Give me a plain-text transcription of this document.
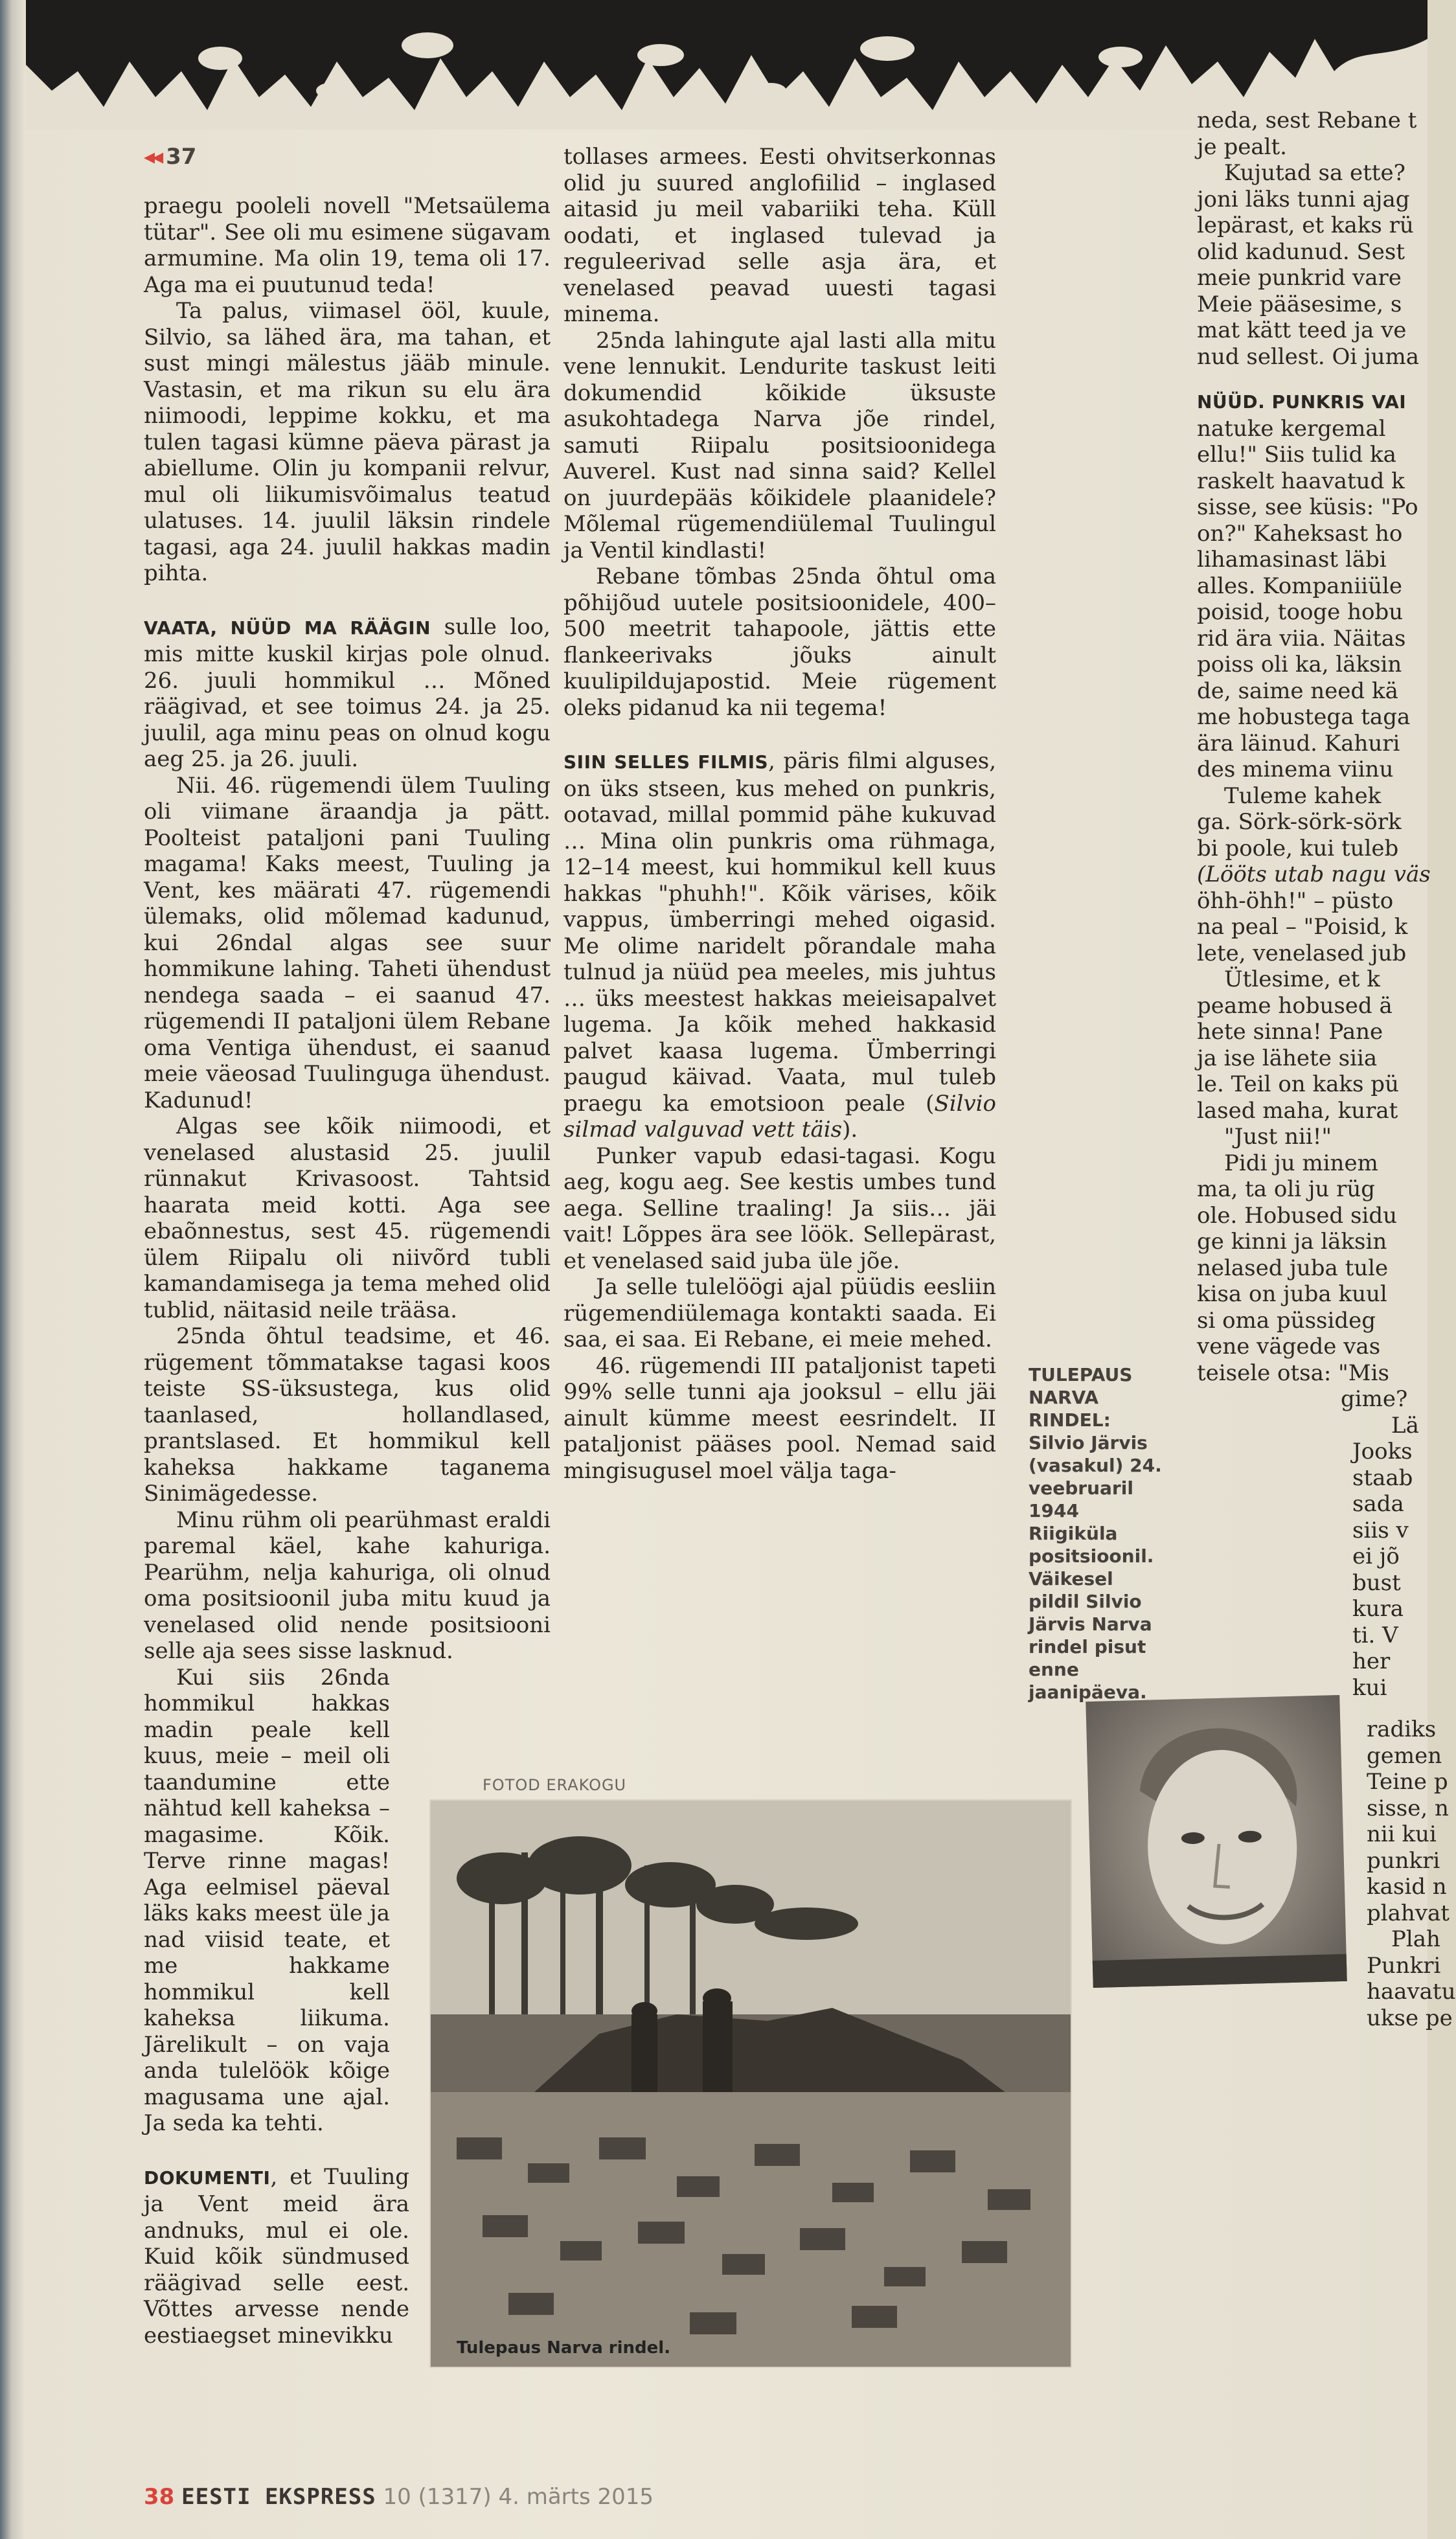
◂◂ 37

praegu pooleli novell "Metsaülema tütar". See oli mu esimene sügavam armumine. Ma olin 19, tema oli 17. Aga ma ei puutunud teda!

Ta palus, viimasel ööl, kuule, Silvio, sa lähed ära, ma tahan, et sust mingi mälestus jääb minule. Vastasin, et ma rikun su elu ära niimoodi, leppime kokku, et ma tulen tagasi kümne päeva pärast ja abiellume. Olin ju kompanii relvur, mul oli liikumisvõimalus teatud ulatuses. 14. juulil läksin rindele tagasi, aga 24. juulil hakkas madin pihta.

VAATA, NÜÜD MA RÄÄGIN sulle loo, mis mitte kuskil kirjas pole olnud. 26. juuli hommikul … Mõned räägivad, et see toimus 24. ja 25. juulil, aga minu peas on olnud kogu aeg 25. ja 26. juuli.

Nii. 46. rügemendi ülem Tuuling oli viimane äraandja ja pätt. Poolteist pataljoni pani Tuuling magama! Kaks meest, Tuuling ja Vent, kes määrati 47. rügemendi ülemaks, olid mõlemad kadunud, kui 26ndal algas see suur hommikune lahing. Taheti ühendust nendega saada – ei saanud 47. rügemendi II pataljoni ülem Rebane oma Ventiga ühendust, ei saanud meie väeosad Tuulinguga ühendust. Kadunud!

Algas see kõik niimoodi, et venelased alustasid 25. juulil rünnakut Krivasoost. Tahtsid haarata meid kotti. Aga see ebaõnnestus, sest 45. rügemendi ülem Riipalu oli niivõrd tubli kamandamisega ja tema mehed olid tublid, näitasid neile trääsa.

25nda õhtul teadsime, et 46. rügement tõmmatakse tagasi koos teiste SS-üksustega, kus olid taanlased, hollandlased, prantslased. Et hommikul kell kaheksa hakkame taganema Sinimägedesse.

Minu rühm oli pearühmast eraldi paremal käel, kahe kahuriga. Pearühm, nelja kahuriga, oli olnud oma positsioonil juba mitu kuud ja venelased olid nende positsiooni selle aja sees sisse lasknud.

Kui siis 26nda hommikul hakkas madin peale kell kuus, meie – meil oli taandumine ette nähtud kell kaheksa – magasime. Kõik. Terve rinne magas! Aga eelmisel päeval läks kaks meest üle ja nad viisid teate, et me hakkame hommikul kell kaheksa liikuma. Järelikult – on vaja anda tulelöök kõige magusama une ajal. Ja seda ka tehti.

DOKUMENTI, et Tuuling ja Vent meid ära andnuks, mul ei ole. Kuid kõik sündmused räägivad selle eest. Võttes arvesse nende eestiaegset minevikku

tollases armees. Eesti ohvitserkonnas olid ju suured anglofiilid – inglased aitasid ju meil vabariiki teha. Küll oodati, et inglased tulevad ja reguleerivad selle asja ära, et venelased peavad uuesti tagasi minema.

25nda lahingute ajal lasti alla mitu vene lennukit. Lendurite taskust leiti dokumendid kõikide üksuste asukohtadega Narva jõe rindel, samuti Riipalu positsioonidega Auverel. Kust nad sinna said? Kellel on juurdepääs kõikidele plaanidele? Mõlemal rügemendiülemal Tuulingul ja Ventil kindlasti!

Rebane tõmbas 25nda õhtul oma põhijõud uutele positsioonidele, 400–500 meetrit tahapoole, jättis ette flankeerivaks jõuks ainult kuulipildujapostid. Meie rügement oleks pidanud ka nii tegema!

SIIN SELLES FILMIS, päris filmi alguses, on üks stseen, kus mehed on punkris, ootavad, millal pommid pähe kukuvad … Mina olin punkris oma rühmaga, 12–14 meest, kui hommikul kell kuus hakkas "phuhh!". Kõik värises, kõik vappus, ümberringi mehed oigasid. Me olime naridelt põrandale maha tulnud ja nüüd pea meeles, mis juhtus … üks meestest hakkas meieisapalvet lugema. Ja kõik mehed hakkasid palvet kaasa lugema. Ümberringi paugud käivad. Vaata, mul tuleb praegu ka emotsioon peale (Silvio silmad valguvad vett täis).

Punker vapub edasi-tagasi. Kogu aeg, kogu aeg. See kestis umbes tund aega. Selline traaling! Ja siis… jäi vait! Lõppes ära see löök. Sellepärast, et venelased said juba üle jõe.

Ja selle tulelöögi ajal püüdis eesliin rügemendiülemaga kontakti saada. Ei saa, ei saa. Ei Rebane, ei meie mehed.

46. rügemendi III pataljonist tapeti 99% selle tunni aja jooksul – ellu jäi ainult kümme meest eesrindelt. II pataljonist pääses pool. Nemad said mingisugusel moel välja taga-

TULEPAUS NARVA RINDEL:
Silvio Järvis (vasakul) 24. veebruaril 1944 Riigiküla positsioonil. Väikesel pildil Silvio Järvis Narva rindel pisut enne jaanipäeva.
neda, sest Rebane t
je pealt.
Kujutad sa ette?
joni läks tunni ajag
lepärast, et kaks rü
olid kadunud. Sest
meie punkrid vare
Meie pääsesime, s
mat kätt teed ja ve
nud sellest. Oi juma
NÜÜD. PUNKRIS VAI
natuke kergemal
ellu!" Siis tulid ka
raskelt haavatud k
sisse, see küsis: "Po
on?" Kaheksast ho
lihamasinast läbi
alles. Kompaniiüle
poisid, tooge hobu
rid ära viia. Näitas
poiss oli ka, läksin
de, saime need kä
me hobustega taga
ära läinud. Kahuri
des minema viinu
Tuleme kahek
ga. Sörk-sörk-sörk
bi poole, kui tuleb
(Lööts utab nagu väs
öhh-öhh!" – püsto
na peal – "Poisid, k
lete, venelased jub
Ütlesime, et k
peame hobused ä
hete sinna! Pane
ja ise lähete siia
le. Teil on kaks pü
lased maha, kurat
"Just nii!"
Pidi ju minem
ma, ta oli ju rüg
ole. Hobused sidu
ge kinni ja läksin
nelased juba tule
kisa on juba kuul
si oma püssideg
vene vägede vas
teisele otsa: "Mis
gime?
Lä
Jooks
staab
sada
siis v
ei jõ
bust
kura
ti. V
her
kui
radiks
gemen
Teine p
sisse, n
nii kui
punkri
kasid n
plahvat
Plah
Punkri
haavatu
ukse pe
FOTOD ERAKOGU
Tulepaus Narva rindel.
38 EESTI EKSPRESS 10 (1317) 4. märts 2015
